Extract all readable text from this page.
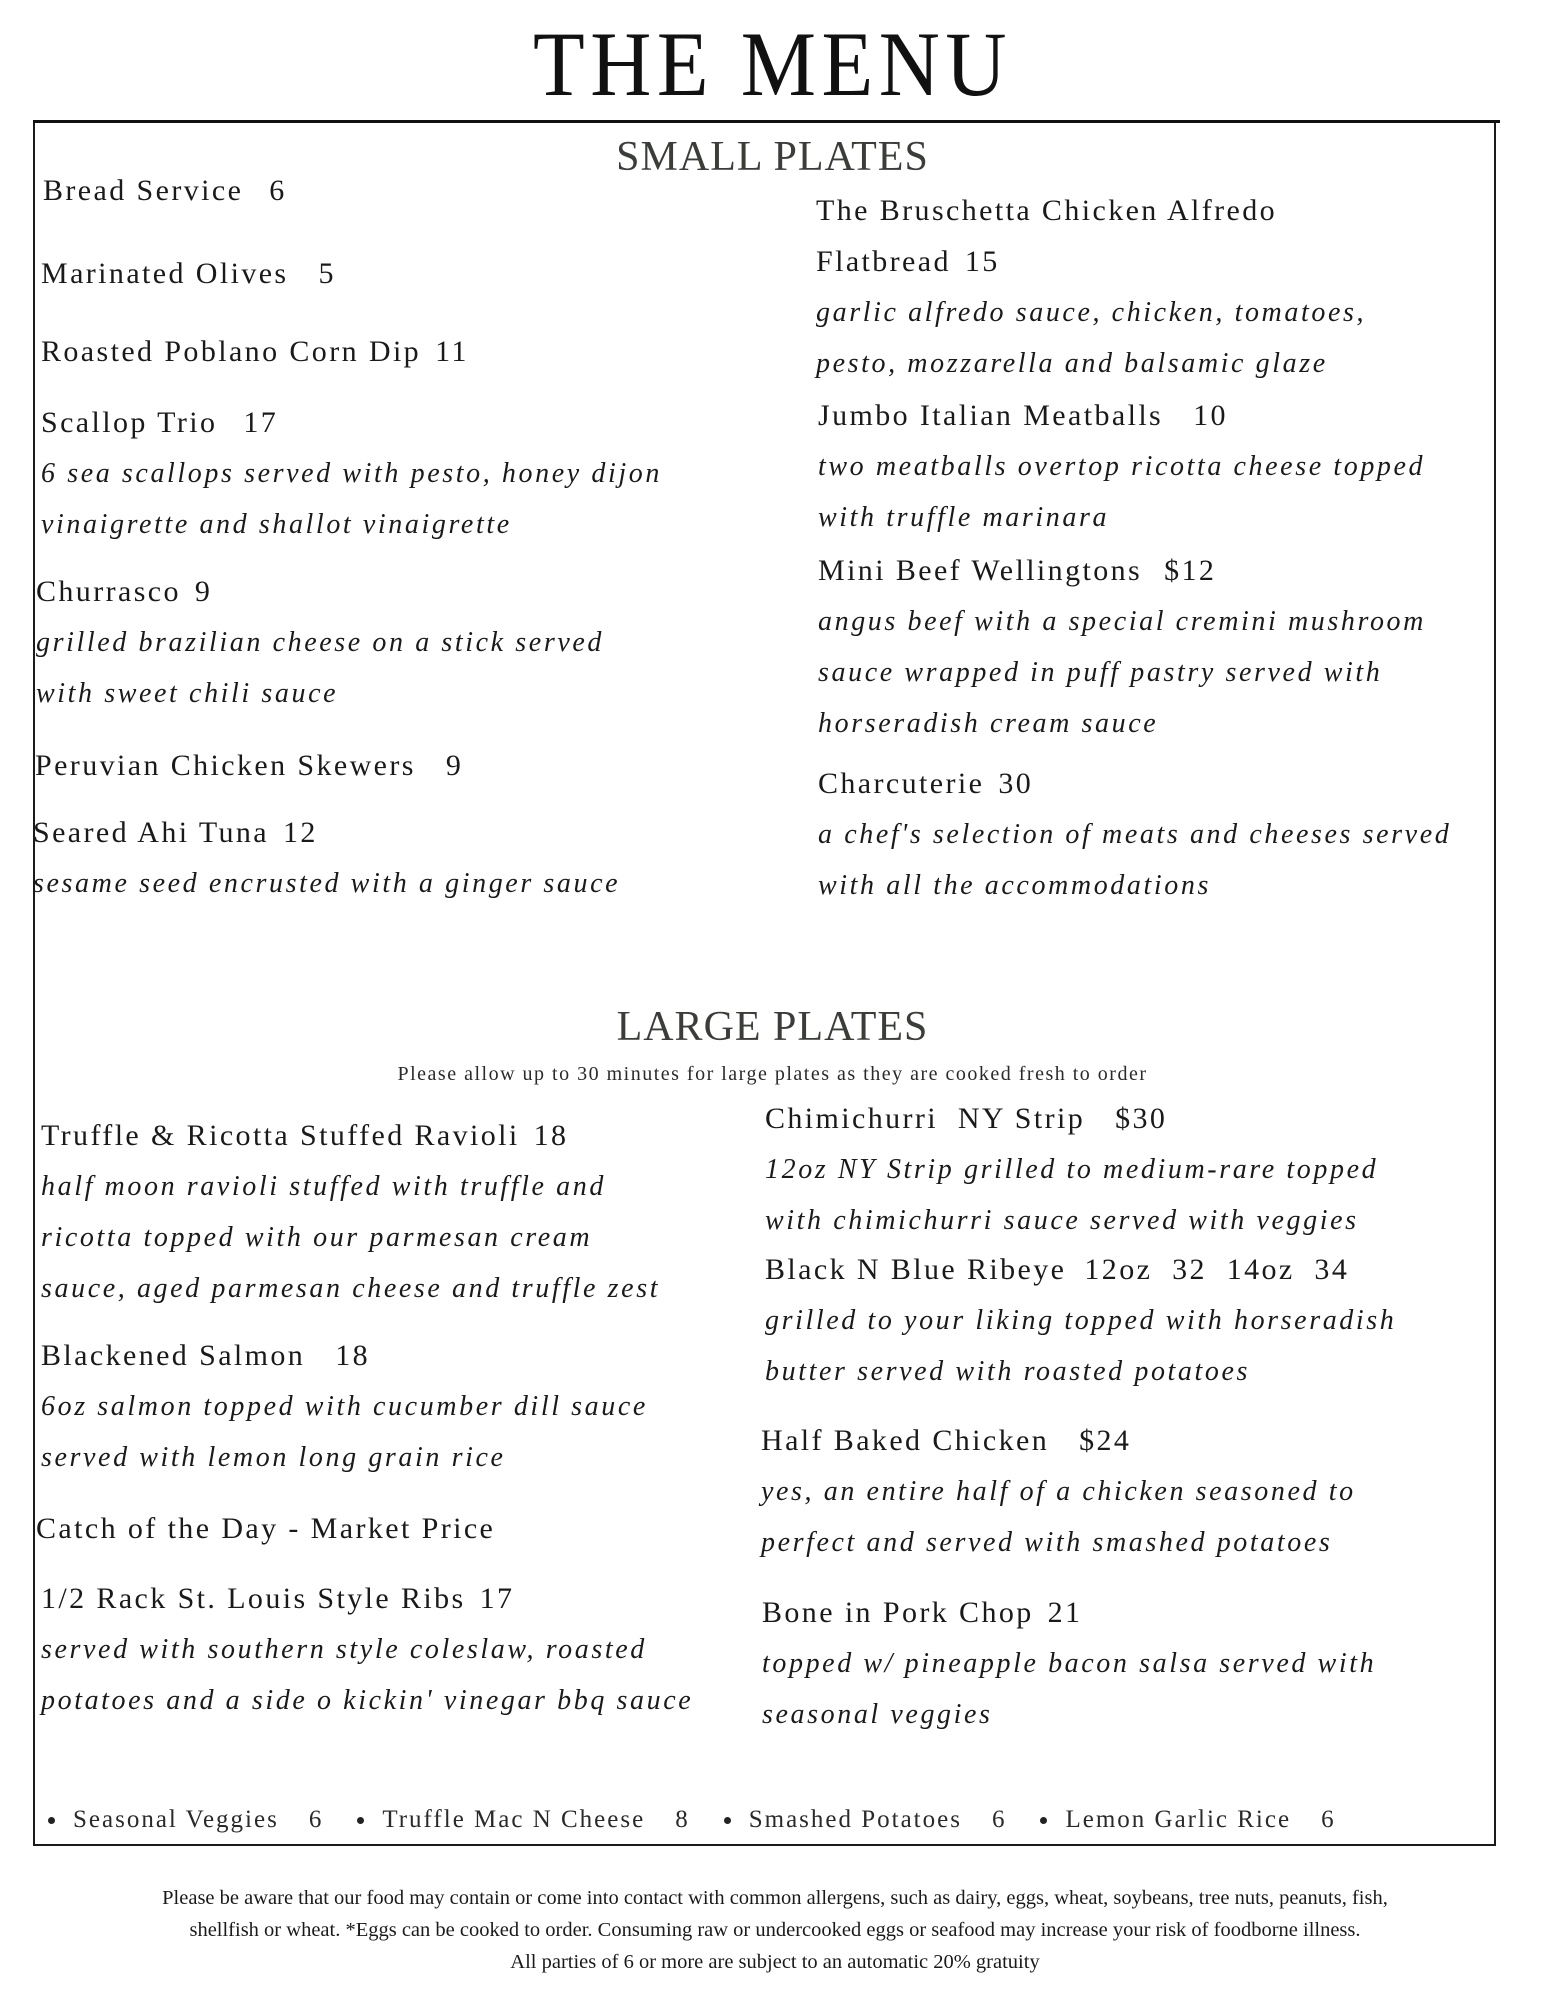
THE MENU
SMALL PLATES
Bread Service 6
Marinated Olives 5
Roasted Poblano Corn Dip 11
Scallop Trio 17
6 sea scallops served with pesto, honey dijon
vinaigrette and shallot vinaigrette
Churrasco 9
grilled brazilian cheese on a stick served
with sweet chili sauce
Peruvian Chicken Skewers 9
Seared Ahi Tuna 12
sesame seed encrusted with a ginger sauce
The Bruschetta Chicken Alfredo
Flatbread 15
garlic alfredo sauce, chicken, tomatoes,
pesto, mozzarella and balsamic glaze
Jumbo Italian Meatballs 10
two meatballs overtop ricotta cheese topped
with truffle marinara
Mini Beef Wellingtons $12
angus beef with a special cremini mushroom
sauce wrapped in puff pastry served with
horseradish cream sauce
Charcuterie 30
a chef's selection of meats and cheeses served
with all the accommodations
LARGE PLATES
Please allow up to 30 minutes for large plates as they are cooked fresh to order
Truffle & Ricotta Stuffed Ravioli 18
half moon ravioli stuffed with truffle and
ricotta topped with our parmesan cream
sauce, aged parmesan cheese and truffle zest
Blackened Salmon 18
6oz salmon topped with cucumber dill sauce
served with lemon long grain rice
Catch of the Day - Market Price
1/2 Rack St. Louis Style Ribs 17
served with southern style coleslaw, roasted
potatoes and a side o kickin' vinegar bbq sauce
Chimichurri  NY Strip $30
12oz NY Strip grilled to medium-rare topped
with chimichurri sauce served with veggies
Black N Blue Ribeye 12oz  32  14oz  34
grilled to your liking topped with horseradish
butter served with roasted potatoes
Half Baked Chicken $24
yes, an entire half of a chicken seasoned to
perfect and served with smashed potatoes
Bone in Pork Chop 21
topped w/ pineapple bacon salsa served with
seasonal veggies
Seasonal Veggies 6 Truffle Mac N Cheese 8 Smashed Potatoes 6 Lemon Garlic Rice 6
Please be aware that our food may contain or come into contact with common allergens, such as dairy, eggs, wheat, soybeans, tree nuts, peanuts, fish,
shellfish or wheat. *Eggs can be cooked to order. Consuming raw or undercooked eggs or seafood may increase your risk of foodborne illness.
All parties of 6 or more are subject to an automatic 20% gratuity
